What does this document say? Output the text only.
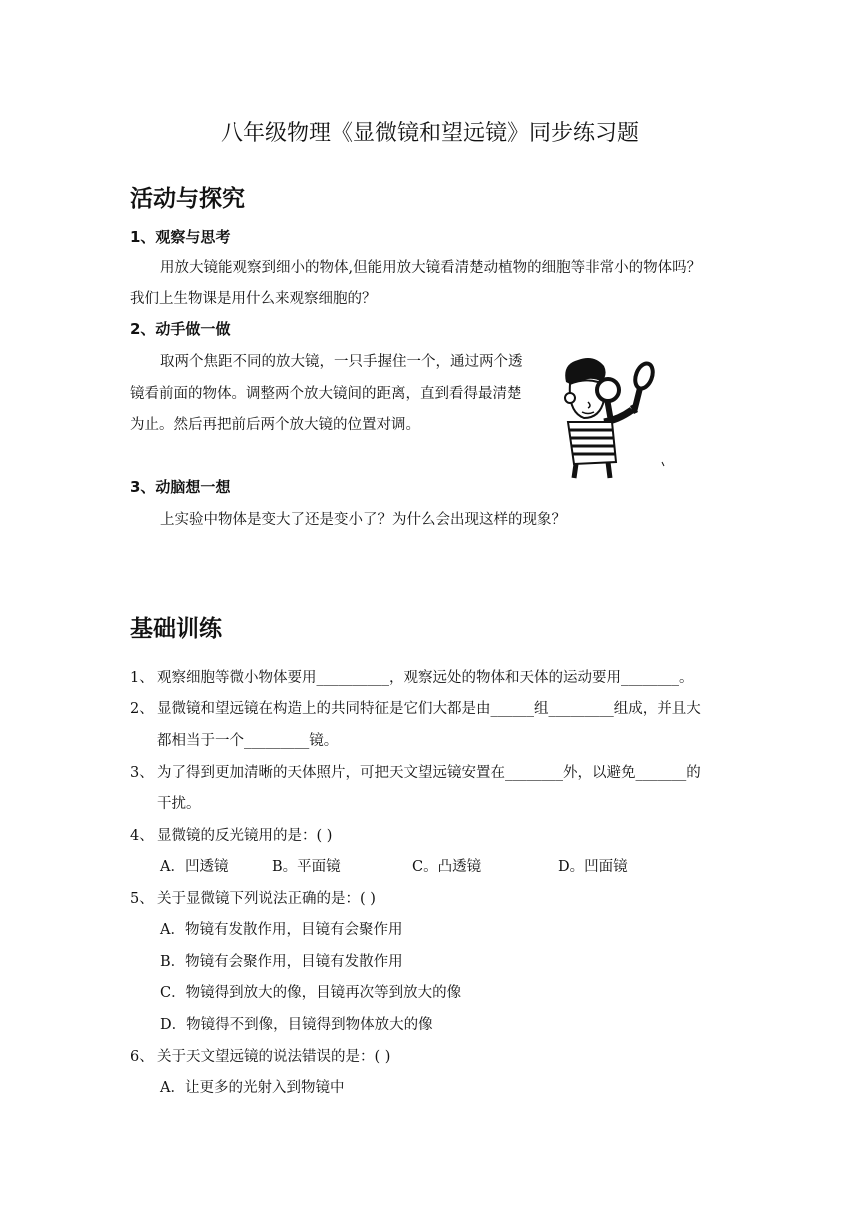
八年级物理《显微镜和望远镜》同步练习题
活动与探究
1、观察与思考
用放大镜能观察到细小的物体,但能用放大镜看清楚动植物的细胞等非常小的物体吗？
我们上生物课是用什么来观察细胞的？
2、动手做一做
取两个焦距不同的放大镜，一只手握住一个，通过两个透
镜看前面的物体。调整两个放大镜间的距离，直到看得最清楚
为止。然后再把前后两个放大镜的位置对调。
3、动脑想一想
上实验中物体是变大了还是变小了？为什么会出现这样的现象？
基础训练
1、 观察细胞等微小物体要用__________，观察远处的物体和天体的运动要用________。
2、 显微镜和望远镜在构造上的共同特征是它们大都是由______组_________组成，并且大
都相当于一个_________镜。
3、 为了得到更加清晰的天体照片，可把天文望远镜安置在________外，以避免_______的
干扰。
4、 显微镜的反光镜用的是：( )
A．凹透镜	B。平面镜	C。凸透镜	D。凹面镜
5、 关于显微镜下列说法正确的是：( )
A．物镜有发散作用，目镜有会聚作用
B．物镜有会聚作用，目镜有发散作用
C．物镜得到放大的像，目镜再次等到放大的像
D．物镜得不到像，目镜得到物体放大的像
6、 关于天文望远镜的说法错误的是：( )
A．让更多的光射入到物镜中
